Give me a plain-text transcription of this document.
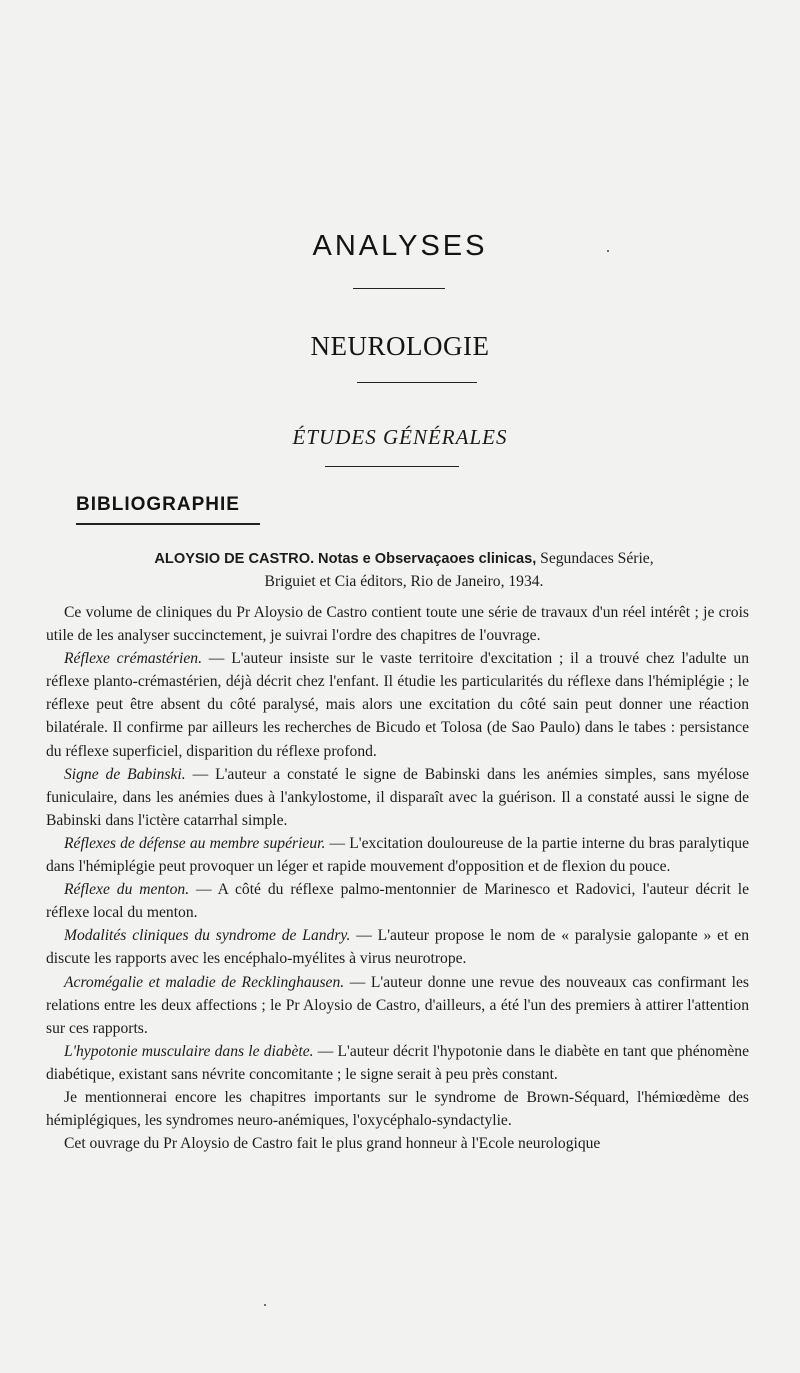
ANALYSES
NEUROLOGIE
ÉTUDES GÉNÉRALES
BIBLIOGRAPHIE
ALOYSIO DE CASTRO. Notas e Observaçaoes clinicas, Segundaces Série,
Briguiet et Cia éditors, Rio de Janeiro, 1934.

Ce volume de cliniques du Pr Aloysio de Castro contient toute une série de travaux d'un réel intérêt ; je crois utile de les analyser succinctement, je suivrai l'ordre des chapitres de l'ouvrage.

Réflexe crémastérien. — L'auteur insiste sur le vaste territoire d'excitation ; il a trouvé chez l'adulte un réflexe planto-crémastérien, déjà décrit chez l'enfant. Il étudie les particularités du réflexe dans l'hémiplégie ; le réflexe peut être absent du côté paralysé, mais alors une excitation du côté sain peut donner une réaction bilatérale. Il confirme par ailleurs les recherches de Bicudo et Tolosa (de Sao Paulo) dans le tabes : persistance du réflexe superficiel, disparition du réflexe profond.

Signe de Babinski. — L'auteur a constaté le signe de Babinski dans les anémies simples, sans myélose funiculaire, dans les anémies dues à l'ankylostome, il disparaît avec la guérison. Il a constaté aussi le signe de Babinski dans l'ictère catarrhal simple.

Réflexes de défense au membre supérieur. — L'excitation douloureuse de la partie interne du bras paralytique dans l'hémiplégie peut provoquer un léger et rapide mouvement d'opposition et de flexion du pouce.

Réflexe du menton. — A côté du réflexe palmo-mentonnier de Marinesco et Radovici, l'auteur décrit le réflexe local du menton.

Modalités cliniques du syndrome de Landry. — L'auteur propose le nom de « paralysie galopante » et en discute les rapports avec les encéphalo-myélites à virus neurotrope.

Acromégalie et maladie de Recklinghausen. — L'auteur donne une revue des nouveaux cas confirmant les relations entre les deux affections ; le Pr Aloysio de Castro, d'ailleurs, a été l'un des premiers à attirer l'attention sur ces rapports.

L'hypotonie musculaire dans le diabète. — L'auteur décrit l'hypotonie dans le diabète en tant que phénomène diabétique, existant sans névrite concomitante ; le signe serait à peu près constant.

Je mentionnerai encore les chapitres importants sur le syndrome de Brown-Séquard, l'hémiœdème des hémiplégiques, les syndromes neuro-anémiques, l'oxycéphalo-syndactylie.

Cet ouvrage du Pr Aloysio de Castro fait le plus grand honneur à l'Ecole neurologique
